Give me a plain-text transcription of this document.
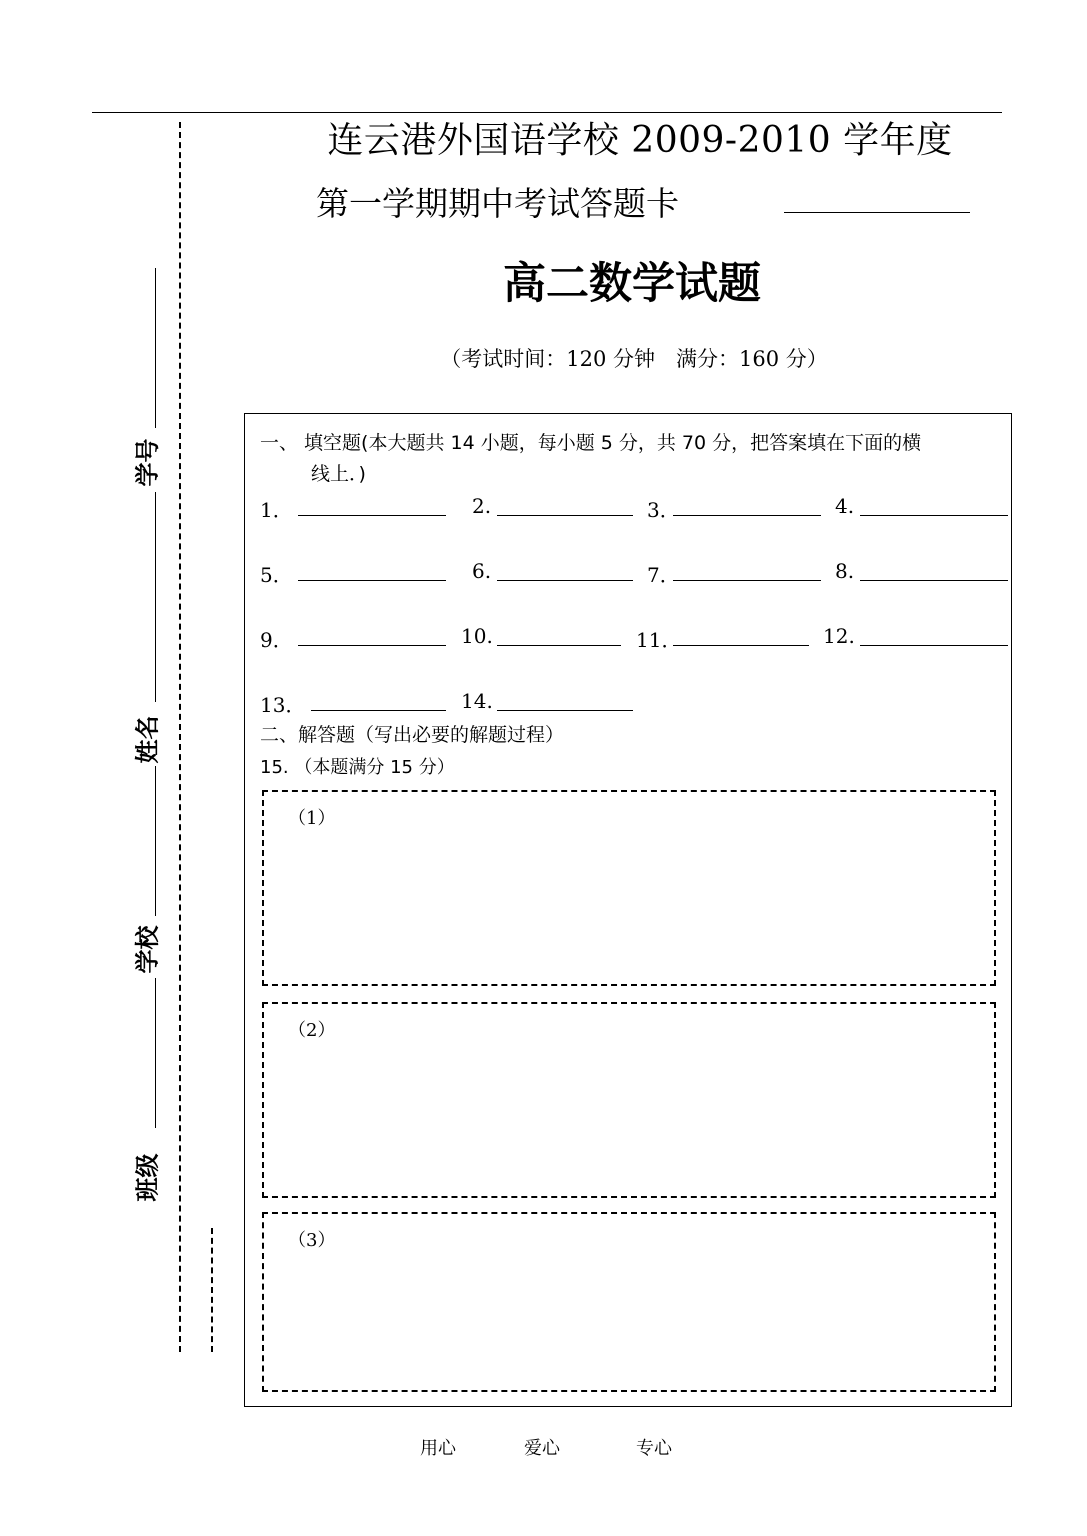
学号
姓名
学校
班级
连云港外国语学校 2009-2010 学年度
第一学期期中考试答题卡
高二数学试题
（考试时间：120 分钟　满分：160 分）
一、 填空题(本大题共 14 小题，每小题 5 分，共 70 分，把答案填在下面的横
线上．)
1．	2.	3．	4.
5．	6.	7．	8.
9．	10.	11．	12.
13．	14.
二、解答题（写出必要的解题过程）
15. （本题满分 15 分）
（1）
（2）
（3）
用心	爱心	专心
